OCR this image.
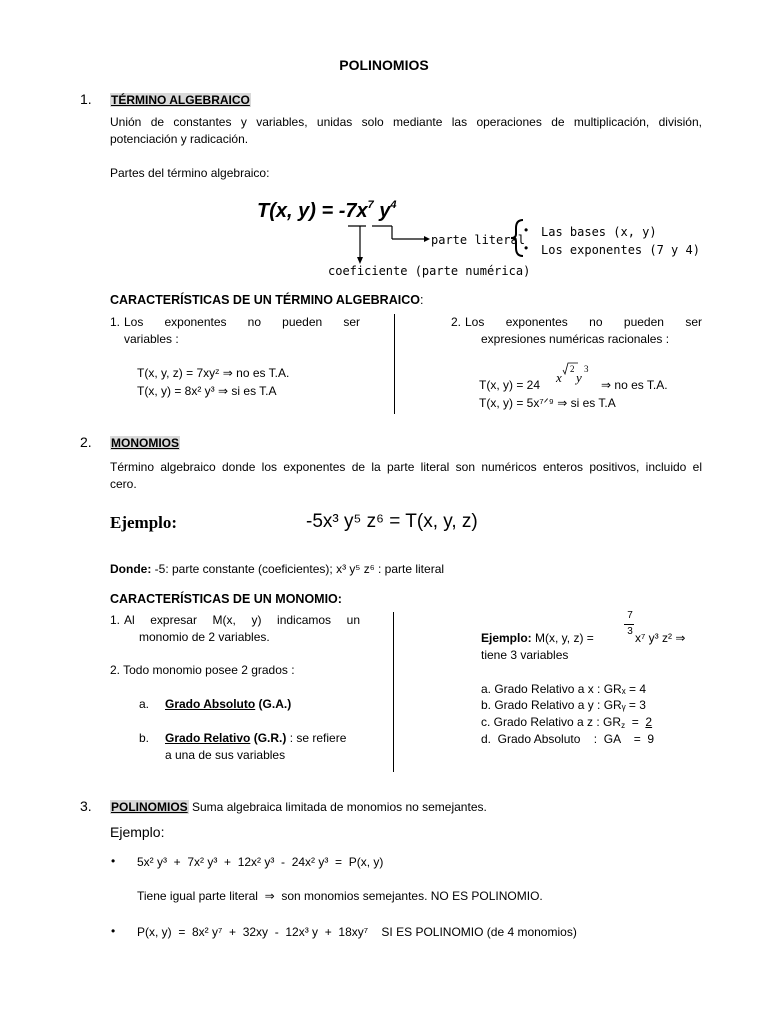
POLINOMIOS
1. TÉRMINO ALGEBRAICO
Unión de constantes y variables, unidas solo mediante las operaciones de multiplicación, división,
potenciación y radicación.
Partes del término algebraico:
T(x, $y) = -7x^7$ $y^4$
parte literal
coeficiente (parte numérica)
• Las bases (x, y)
• Los exponentes (7 y 4)
CARACTERÍSTICAS DE UN TÉRMINO ALGEBRAICO:
1. Los exponentes no pueden ser
variables :
T(x, y, z) = 7xyᶻ ⇒ no es T.A.
T(x, y) = 8x² y³ ⇒ si es T.A
2. Los exponentes no pueden ser
expresiones numéricas racionales :
T(x, y) = 24 x
2
y
3
⇒ no es T.A.
T(x, y) = 5x⁷ᐟ⁹ ⇒ si es T.A
2. MONOMIOS
Término algebraico donde los exponentes de la parte literal son numéricos enteros positivos, incluido el
cero.
Ejemplo:	-5x³ y⁵ z⁶ = T(x, y, z)
Donde: -5: parte constante (coeficientes); x³ y⁵ z⁶ : parte literal
CARACTERÍSTICAS DE UN MONOMIO:
1. Al expresar M(x, y) indicamos un
monomio de 2 variables.
2. Todo monomio posee 2 grados :
a. Grado Absoluto (G.A.)
b. Grado Relativo (G.R.) : se refiere
a una de sus variables
7
3
Ejemplo: M(x, y, z) =	x⁷ y³ z² ⇒
tiene 3 variables
a. Grado Relativo a x : GRₓ = 4
b. Grado Relativo a y : GRᵧ = 3
c. Grado Relativo a z : GRz  =  2
d.  Grado Absoluto    :  GA    =  9
3. POLINOMIOS Suma algebraica limitada de monomios no semejantes.
Ejemplo:
• 5x² y³  +  7x² y³  +  12x² y³  -  24x² y³  =  P(x, y)
Tiene igual parte literal  ⇒  son monomios semejantes. NO ES POLINOMIO.
• P(x, y)  =  8x² y⁷  +  32xy  -  12x³ y  +  18xy⁷    SI ES POLINOMIO (de 4 monomios)
